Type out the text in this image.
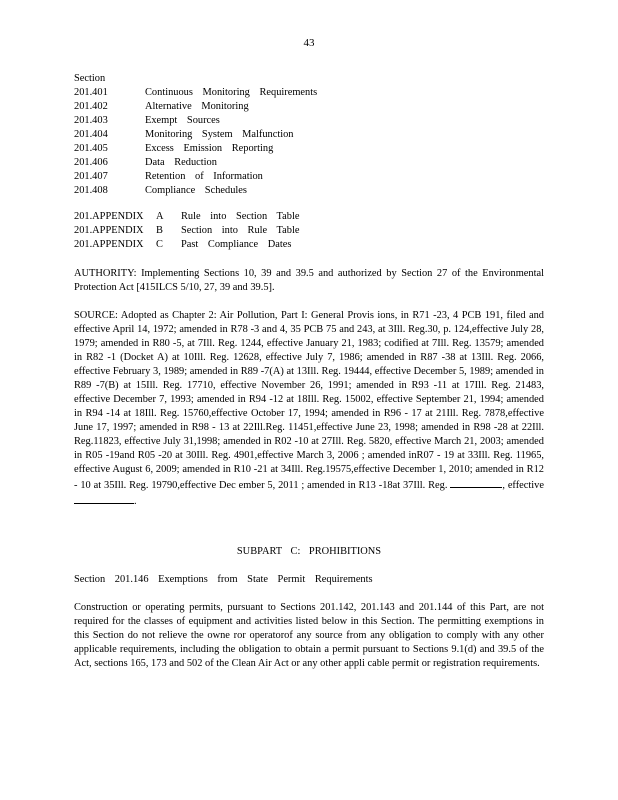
43
Section
201.401	Continuous Monitoring Requirements
201.402	Alternative Monitoring
201.403	Exempt Sources
201.404	Monitoring System Malfunction
201.405	Excess Emission Reporting
201.406	Data Reduction
201.407	Retention of Information
201.408	Compliance Schedules
201.APPENDIX A Rule into Section Table
201.APPENDIX B Section into Rule Table
201.APPENDIX C Past Compliance Dates
AUTHORITY: Implementing Sections 10, 39 and 39.5 and authorized by Section 27 of the Environmental Protection Act [415ILCS 5/10, 27, 39 and 39.5].
SOURCE: Adopted as Chapter 2: Air Pollution, Part I: General Provis ions, in R71 -23, 4 PCB 191, filed and effective April 14, 1972; amended in R78 -3 and 4, 35 PCB 75 and 243, at 3Ill. Reg.30, p. 124,effective July 28, 1979; amended in R80 -5, at 7Ill. Reg. 1244, effective January 21, 1983; codified at 7Ill. Reg. 13579; amended in R82 -1 (Docket A) at 10Ill. Reg. 12628, effective July 7, 1986; amended in R87 -38 at 13Ill. Reg. 2066, effective February 3, 1989; amended in R89 -7(A) at 13Ill. Reg. 19444, effective December 5, 1989; amended in R89 -7(B) at 15Ill. Reg. 17710, effective November 26, 1991; amended in R93 -11 at 17Ill. Reg. 21483, effective December 7, 1993; amended in R94 -12 at 18Ill. Reg. 15002, effective September 21, 1994; amended in R94 -14 at 18Ill. Reg. 15760,effective October 17, 1994; amended in R96 - 17 at 21Ill. Reg. 7878,effective June 17, 1997; amended in R98 - 13 at 22Ill.Reg. 11451,effective June 23, 1998; amended in R98 -28 at 22Ill. Reg.11823, effective July 31,1998; amended in R02 -10 at 27Ill. Reg. 5820, effective March 21, 2003; amended in R05 -19and R05 -20 at 30Ill. Reg. 4901,effective March 3, 2006 ; amended inR07 - 19 at 33Ill. Reg. 11965, effective August 6, 2009; amended in R10 -21 at 34Ill. Reg.19575,effective December 1, 2010; amended in R12 - 10 at 35Ill. Reg. 19790,effective Dec ember 5, 2011 ; amended in R13 -18at 37Ill. Reg.	, effective .
SUBPART C: PROHIBITIONS
Section 201.146 Exemptions from State Permit Requirements
Construction or operating permits, pursuant to Sections 201.142, 201.143 and 201.144 of this Part, are not required for the classes of equipment and activities listed below in this Section. The permitting exemptions in this Section do not relieve the owne ror operatorof any source from any obligation to comply with any other applicable requirements, including the obligation to obtain a permit pursuant to Sections 9.1(d) and 39.5 of the Act, sections 165, 173 and 502 of the Clean Air Act or any other appli cable permit or registration requirements.
